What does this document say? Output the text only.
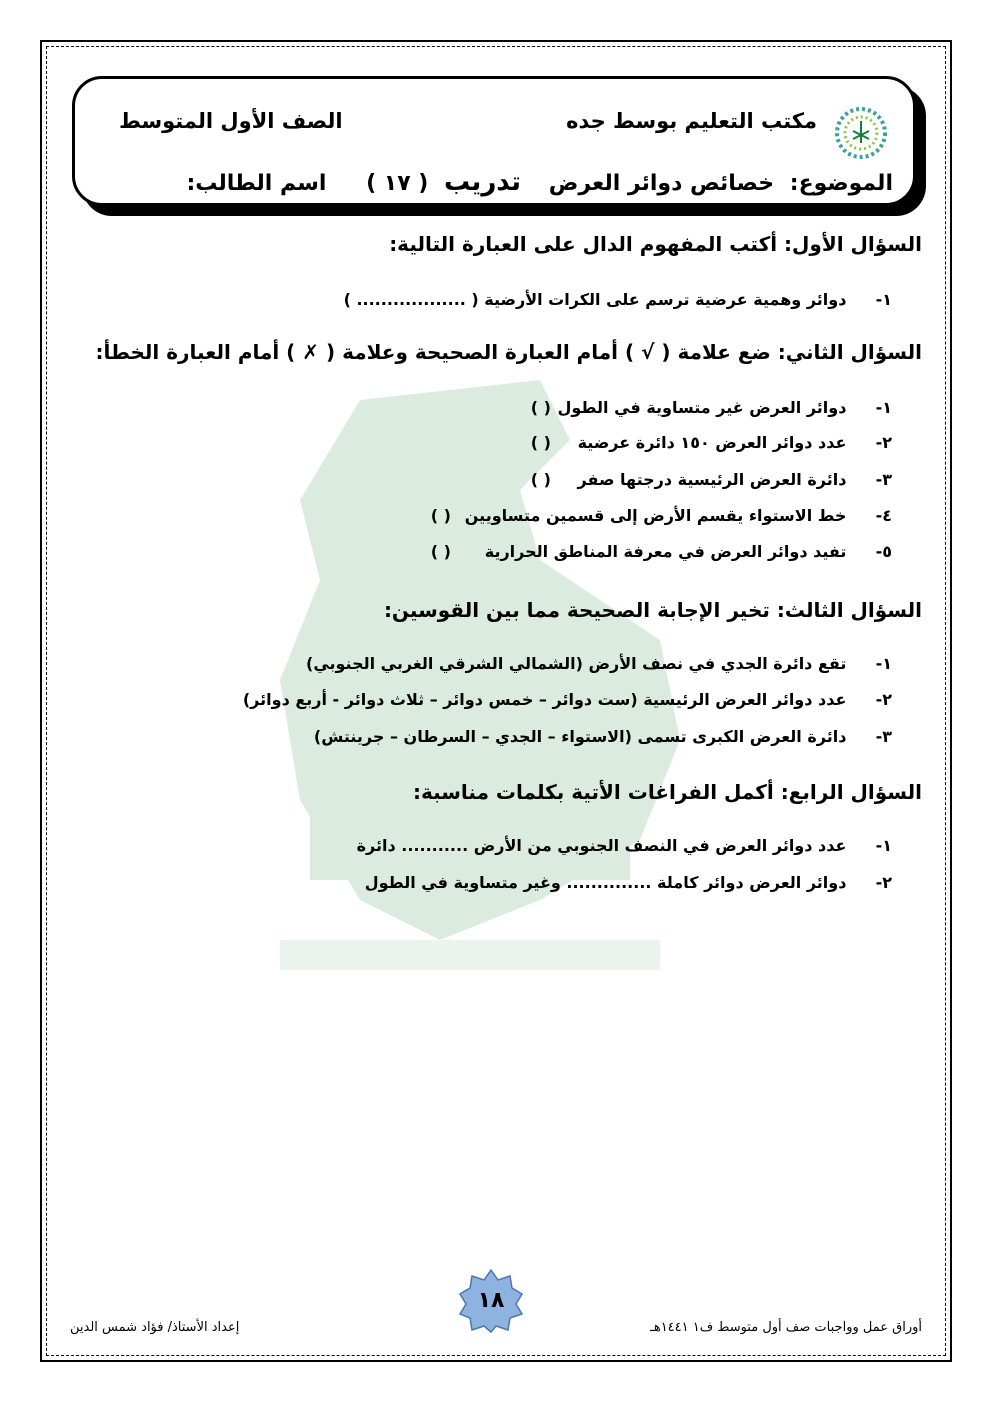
مكتب التعليم بوسط جده
الصف الأول المتوسط
الموضوع: خصائص دوائر العرض تدريب ( ١٧ ) اسم الطالب:
السؤال الأول: أكتب المفهوم الدال على العبارة التالية:
١- دوائر وهمية عرضية ترسم على الكرات الأرضية ( .................. )
السؤال الثاني: ضع علامة ( √ ) أمام العبارة الصحيحة وعلامة ( ✗ ) أمام العبارة الخطأ:
١- دوائر العرض غير متساوية في الطول ( )
٢- عدد دوائر العرض ١٥٠ دائرة عرضية ( )
٣- دائرة العرض الرئيسية درجتها صفر ( )
٤- خط الاستواء يقسم الأرض إلى قسمين متساويين ( )
٥- تفيد دوائر العرض في معرفة المناطق الحرارية ( )
السؤال الثالث: تخير الإجابة الصحيحة مما بين القوسين:
١- تقع دائرة الجدي في نصف الأرض (الشمالي الشرقي الغربي الجنوبي)
٢- عدد دوائر العرض الرئيسية (ست دوائر – خمس دوائر – ثلاث دوائر - أربع دوائر)
٣- دائرة العرض الكبرى تسمى (الاستواء – الجدي – السرطان – جرينتش)
السؤال الرابع: أكمل الفراغات الأتية بكلمات مناسبة:
١- عدد دوائر العرض في النصف الجنوبي من الأرض ........... دائرة
٢- دوائر العرض دوائر كاملة .............. وغير متساوية في الطول
١٨
أوراق عمل وواجبات صف أول متوسط ف١ ١٤٤١هـ
إعداد الأستاذ/ فؤاد شمس الدين
